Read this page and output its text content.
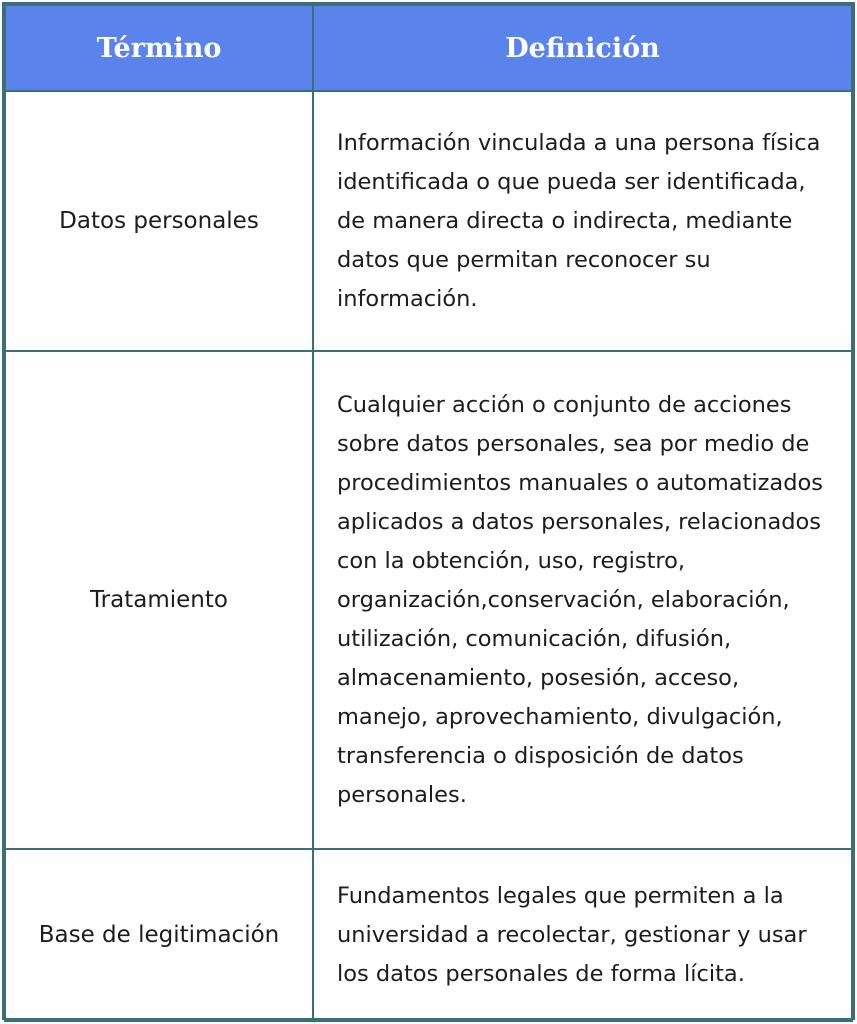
Término	Definición
Datos personales	Información vinculada a una persona física identificada o que pueda ser identificada, de manera directa o indirecta, mediante datos que permitan reconocer su información.
Tratamiento	Cualquier acción o conjunto de acciones sobre datos personales, sea por medio de procedimientos manuales o automatizados aplicados a datos personales, relacionados con la obtención, uso, registro, organización,conservación, elaboración, utilización, comunicación, difusión, almacenamiento, posesión, acceso, manejo, aprovechamiento, divulgación, transferencia o disposición de datos personales.
Base de legitimación	Fundamentos legales que permiten a la universidad a recolectar, gestionar y usar los datos personales de forma lícita.
